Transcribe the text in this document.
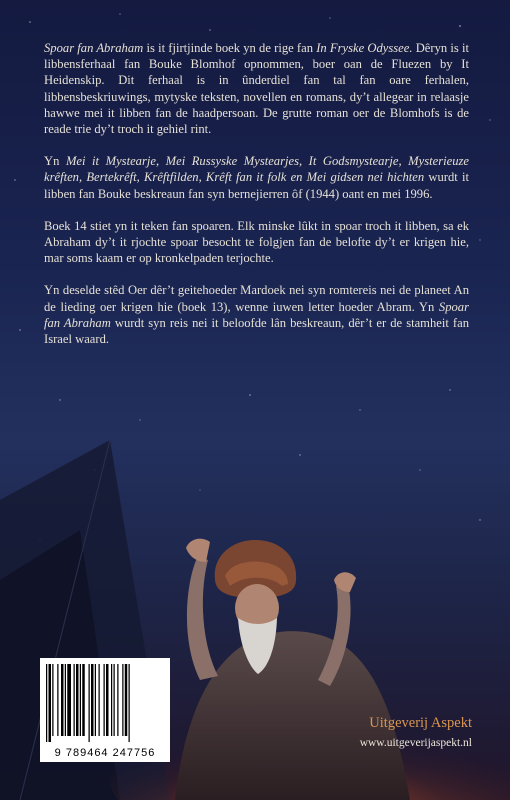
Spoar fan Abraham is it fjirtjinde boek yn de rige fan In Fryske Odyssee. Dêryn is it libbensferhaal fan Bouke Blomhof opnommen, boer oan de Fluezen by It Heidenskip. Dit ferhaal is in ûnderdiel fan tal fan oare ferhalen, libbensbeskriuwings, mytyske teksten, novellen en romans, dy’t allegear in relaasje hawwe mei it libben fan de haadpersoan. De grutte roman oer de Blomhofs is de reade trie dy’t troch it gehiel rint.

Yn Mei it Mystearje, Mei Russyske Mystearjes, It Godsmystearje, Mysterieuze krêften, Bertekrêft, Krêftfilden, Krêft fan it folk en Mei gidsen nei hichten wurdt it libben fan Bouke beskreaun fan syn bernejierren ôf (1944) oant en mei 1996.

Boek 14 stiet yn it teken fan spoaren. Elk minske lûkt in spoar troch it libben, sa ek Abraham dy’t it rjochte spoar besocht te folgjen fan de belofte dy’t er krigen hie, mar soms kaam er op kronkelpaden terjochte.

Yn deselde stêd Oer dêr’t geitehoeder Mardoek nei syn romtereis nei de planeet An de lieding oer krigen hie (boek 13), wenne iuwen letter hoeder Abram. Yn Spoar fan Abraham wurdt syn reis nei it beloofde lân beskreaun, dêr’t er de stamheit fan Israel waard.

9 789464 247756
Uitgeverij Aspekt
www.uitgeverijaspekt.nl
